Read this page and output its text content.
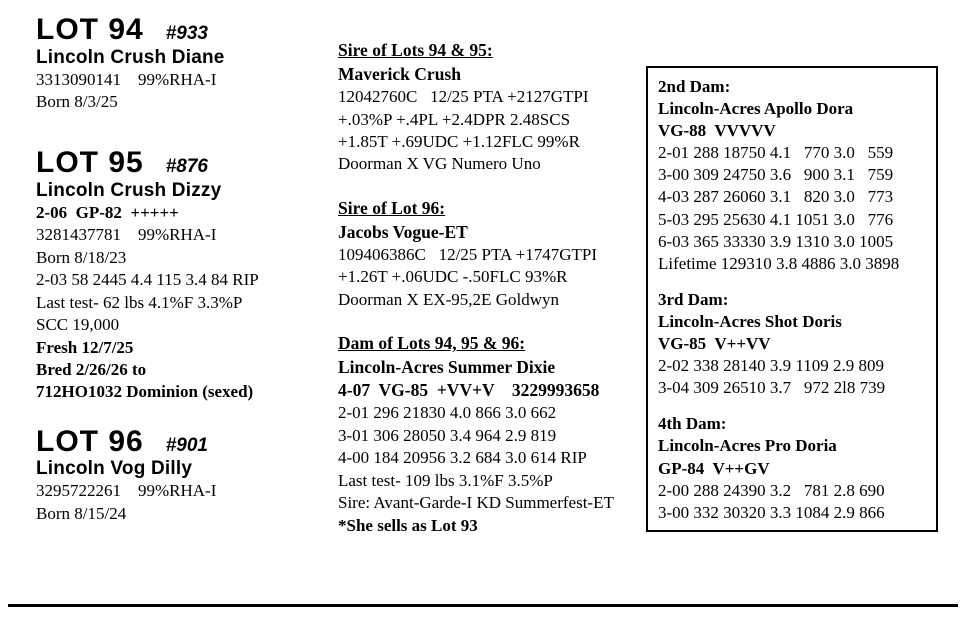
LOT 94 #933
Lincoln Crush Diane
3313090141    99%RHA-I
Born 8/3/25
LOT 95 #876
Lincoln Crush Dizzy
2-06  GP-82  +++++
3281437781    99%RHA-I
Born 8/18/23
2-03 58 2445 4.4 115 3.4 84 RIP
Last test- 62 lbs 4.1%F 3.3%P
SCC 19,000
Fresh 12/7/25
Bred 2/26/26 to
712HO1032 Dominion (sexed)
LOT 96 #901
Lincoln Vog Dilly
3295722261    99%RHA-I
Born 8/15/24
Sire of Lots 94 & 95:
Maverick Crush
12042760C   12/25 PTA +2127GTPI
+.03%P +.4PL +2.4DPR 2.48SCS
+1.85T +.69UDC +1.12FLC 99%R
Doorman X VG Numero Uno
Sire of Lot 96:
Jacobs Vogue-ET
109406386C   12/25 PTA +1747GTPI
+1.26T +.06UDC -.50FLC 93%R
Doorman X EX-95,2E Goldwyn
Dam of Lots 94, 95 & 96:
Lincoln-Acres Summer Dixie
4-07  VG-85  +VV+V    3229993658
2-01 296 21830 4.0 866 3.0 662
3-01 306 28050 3.4 964 2.9 819
4-00 184 20956 3.2 684 3.0 614 RIP
Last test- 109 lbs 3.1%F 3.5%P
Sire: Avant-Garde-I KD Summerfest-ET
*She sells as Lot 93
2nd Dam:
Lincoln-Acres Apollo Dora
VG-88  VVVVV
2-01 288 18750 4.1   770 3.0   559
3-00 309 24750 3.6   900 3.1   759
4-03 287 26060 3.1   820 3.0   773
5-03 295 25630 4.1 1051 3.0   776
6-03 365 33330 3.9 1310 3.0 1005
Lifetime 129310 3.8 4886 3.0 3898
3rd Dam:
Lincoln-Acres Shot Doris
VG-85  V++VV
2-02 338 28140 3.9 1109 2.9 809
3-04 309 26510 3.7   972 2l8 739
4th Dam:
Lincoln-Acres Pro Doria
GP-84  V++GV
2-00 288 24390 3.2   781 2.8 690
3-00 332 30320 3.3 1084 2.9 866
